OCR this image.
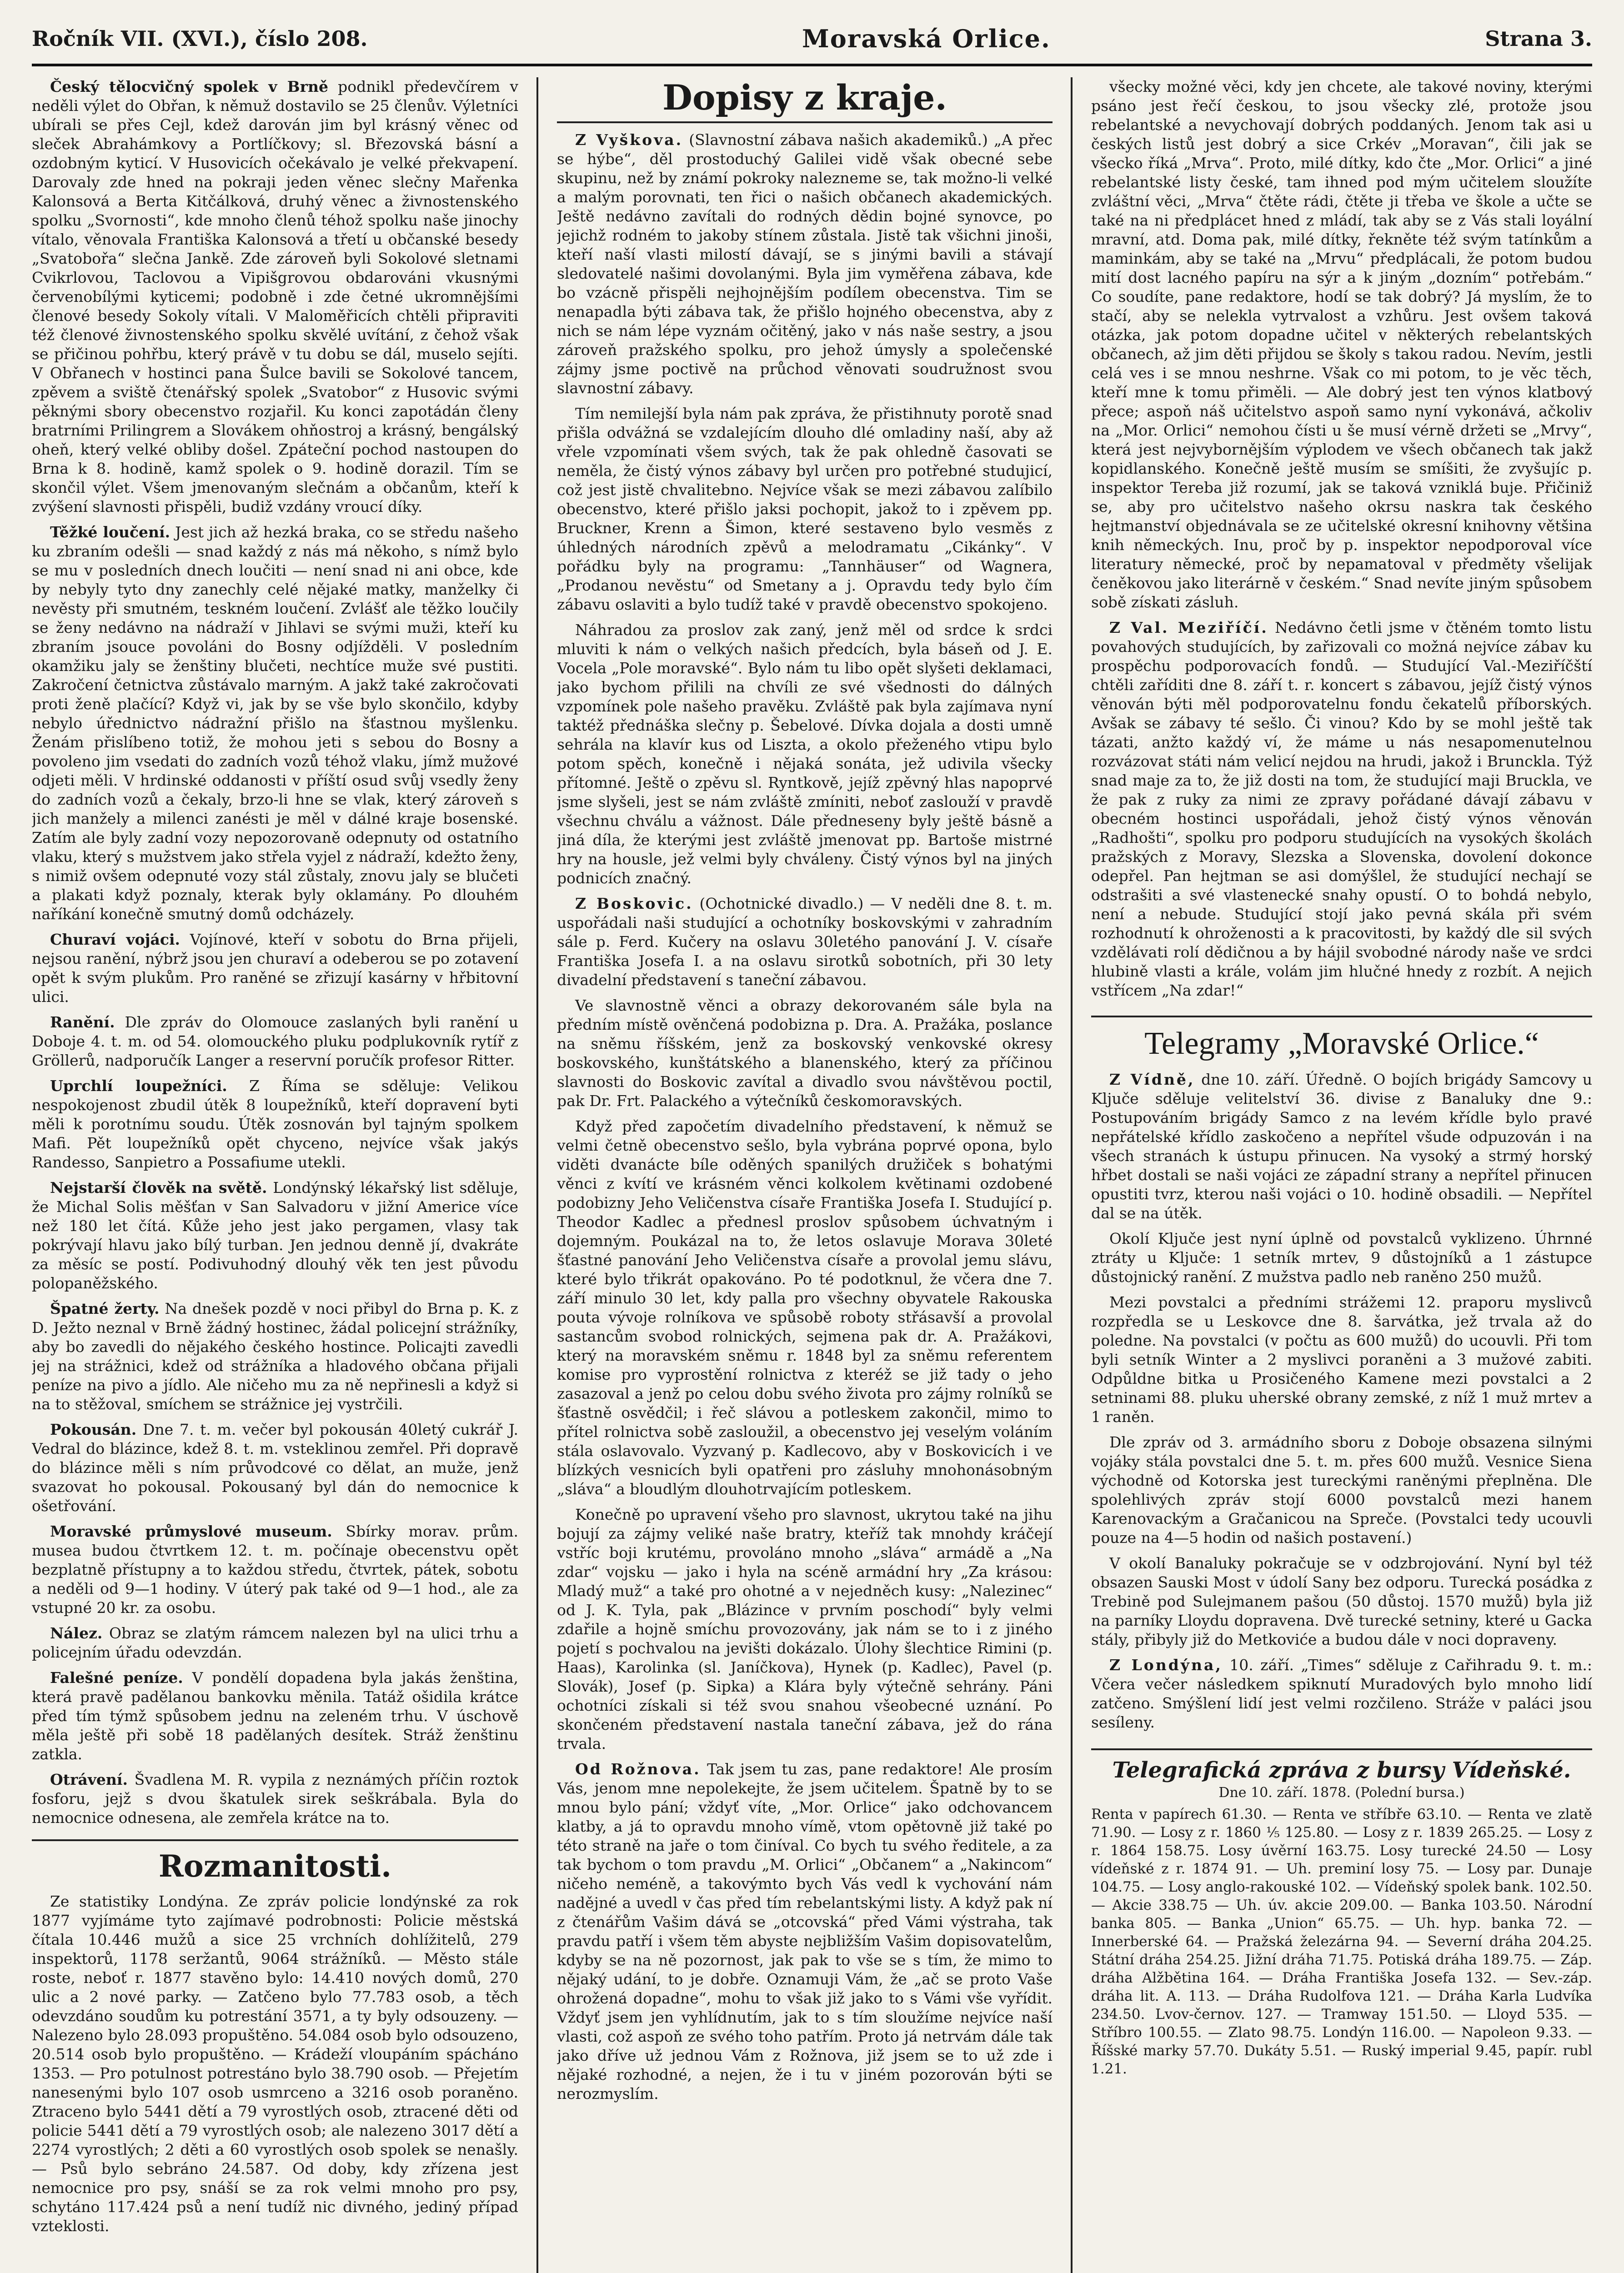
Ročník VII. (XVI.), číslo 208.	Moravská Orlice.	Strana 3.

Český tělocvičný spolek v Brně podnikl předevčírem v neděli výlet do Obřan, k němuž dostavilo se 25 členův. Výletníci ubírali se přes Cejl, kdež darován jim byl krásný věnec od sleček Abrahámkovy a Portlíčkovy; sl. Březovská básní a ozdobným kyticí. V Husovicích očekávalo je velké překvapení. Darovaly zde hned na pokraji jeden věnec slečny Mařenka Kalonsová a Berta Kitčálková, druhý věnec a živnostenského spolku „Svornosti“, kde mnoho členů téhož spolku naše jinochy vítalo, věnovala Františka Kalonsová a třetí u občanské besedy „Svatobořa“ slečna Jankě. Zde zároveň byli Sokolové sletnami Cvikrlovou, Taclovou a Vipišgrovou obdarováni vkusnými červenobílými kyticemi; podobně i zde četné ukromnějšími členové besedy Sokoly vítali. V Maloměřicích chtěli připraviti též členové živnostenského spolku skvělé uvítání, z čehož však se přičinou pohřbu, který právě v tu dobu se dál, muselo sejíti. V Obřanech v hostinci pana Šulce bavili se Sokolové tancem, zpěvem a sviště čtenářský spolek „Svatobor“ z Husovic svými pěknými sbory obecenstvo rozjařil. Ku konci zapotádán členy bratrními Prilingrem a Slovákem ohňostroj a krásný, bengálský oheň, který velké obliby došel. Zpáteční pochod nastoupen do Brna k 8. hodině, kamž spolek o 9. hodině dorazil. Tím se skončil výlet. Všem jmenovaným slečnám a občanům, kteří k zvýšení slavnosti přispěli, budiž vzdány vroucí díky.

Těžké loučení. Jest jich až hezká braka, co se středu našeho ku zbraním odešli — snad každý z nás má někoho, s nímž bylo se mu v posledních dnech loučiti — není snad ni ani obce, kde by nebyly tyto dny zanechly celé nějaké matky, manželky či nevěsty při smutném, teskném loučení. Zvlášť ale těžko loučily se ženy nedávno na nádraží v Jihlavi se svými muži, kteří ku zbraním jsouce povoláni do Bosny odjížděli. V posledním okamžiku jaly se ženštiny blučeti, nechtíce muže své pustiti. Zakročení četnictva zůstávalo marným. A jakž také zakročovati proti ženě plačící? Když vi, jak by se vše bylo skončilo, kdyby nebylo úřednictvo nádražní přišlo na šťastnou myšlenku. Ženám přislíbeno totiž, že mohou jeti s sebou do Bosny a povoleno jim vsedati do zadních vozů téhož vlaku, jímž mužové odjeti měli. V hrdinské oddanosti v příští osud svůj vsedly ženy do zadních vozů a čekaly, brzo-li hne se vlak, který zároveň s jich manžely a milenci zanésti je měl v dálné kraje bosenské. Zatím ale byly zadní vozy nepozorovaně odepnuty od ostatního vlaku, který s mužstvem jako střela vyjel z nádraží, kdežto ženy, s nimiž ovšem odepnuté vozy stál zůstaly, znovu jaly se blučeti a plakati když poznaly, kterak byly oklamány. Po dlouhém naříkání konečně smutný domů odcházely.

Churaví vojáci. Vojínové, kteří v sobotu do Brna přijeli, nejsou ranění, nýbrž jsou jen churaví a odeberou se po zotavení opět k svým plukům. Pro raněné se zřizují kasárny v hřbitovní ulici.

Ranění. Dle zpráv do Olomouce zaslaných byli ranění u Doboje 4. t. m. od 54. olomouckého pluku podplukovník rytíř z Gröllerů, nadporučík Langer a reservní poručík profesor Ritter.

Uprchlí loupežníci. Z Říma se sděluje: Velikou nespokojenost zbudil útěk 8 loupežníků, kteří dopravení byti měli k porotnímu soudu. Útěk zosnován byl tajným spolkem Mafi. Pět loupežníků opět chyceno, nejvíce však jakýs Randesso, Sanpietro a Possafiume utekli.

Nejstarší člověk na světě. Londýnský lékařský list sděluje, že Michal Solis měšťan v San Salvadoru v jižní Americe více než 180 let čítá. Kůže jeho jest jako pergamen, vlasy tak pokrývají hlavu jako bílý turban. Jen jednou denně jí, dvakráte za měsíc se postí. Podivuhodný dlouhý věk ten jest původu polopaněžského.

Špatné žerty. Na dnešek pozdě v noci přibyl do Brna p. K. z D. Ježto neznal v Brně žádný hostinec, žádal policejní strážníky, aby bo zavedli do nějakého českého hostince. Policajti zavedli jej na strážnici, kdež od strážníka a hladového občana přijali peníze na pivo a jídlo. Ale ničeho mu za ně nepřinesli a když si na to stěžoval, smíchem se strážnice jej vystrčili.

Pokousán. Dne 7. t. m. večer byl pokousán 40letý cukrář J. Vedral do blázince, kdež 8. t. m. vsteklinou zemřel. Při dopravě do blázince měli s ním průvodcové co dělat, an muže, jenž svazovat ho pokousal. Pokousaný byl dán do nemocnice k ošetřování.

Moravské průmyslové museum. Sbírky morav. prům. musea budou čtvrtkem 12. t. m. počínaje obecenstvu opět bezplatně přístupny a to každou středu, čtvrtek, pátek, sobotu a neděli od 9—1 hodiny. V úterý pak také od 9—1 hod., ale za vstupné 20 kr. za osobu.

Nález. Obraz se zlatým rámcem nalezen byl na ulici trhu a policejním úřadu odevzdán.

Falešné peníze. V pondělí dopadena byla jakás ženština, která pravě padělanou bankovku měnila. Tatáž ošidila krátce před tím týmž spůsobem jednu na zeleném trhu. V úschově měla ještě při sobě 18 padělaných desítek. Stráž ženštinu zatkla.

Otrávení. Švadlena M. R. vypila z neznámých příčin roztok fosforu, jejž s dvou škatulek sirek seškrábala. Byla do nemocnice odnesena, ale zemřela krátce na to.

Rozmanitosti.

Ze statistiky Londýna. Ze zpráv policie londýnské za rok 1877 vyjímáme tyto zajímavé podrobnosti: Policie městská čítala 10.446 mužů a sice 25 vrchních dohlížitelů, 279 inspektorů, 1178 seržantů, 9064 strážníků. — Město stále roste, neboť r. 1877 stavěno bylo: 14.410 nových domů, 270 ulic a 2 nové parky. — Zatčeno bylo 77.783 osob, a těch odevzdáno soudům ku potrestání 3571, a ty byly odsouzeny. — Nalezeno bylo 28.093 propuštěno. 54.084 osob bylo odsouzeno, 20.514 osob bylo propuštěno. — Krádeží vloupáním spácháno 1353. — Pro potulnost potrestáno bylo 38.790 osob. — Přejetím nanesenými bylo 107 osob usmrceno a 3216 osob poraněno. Ztraceno bylo 5441 dětí a 79 vyrostlých osob, ztracené děti od policie 5441 dětí a 79 vyrostlých osob; ale nalezeno 3017 dětí a 2274 vyrostlých; 2 děti a 60 vyrostlých osob spolek se nenašly. — Psů bylo sebráno 24.587. Od doby, kdy zřízena jest nemocnice pro psy, snáší se za rok velmi mnoho pro psy, schytáno 117.424 psů a není tudíž nic divného, jediný případ vzteklosti.

Dopisy z kraje.

Z Vyškova. (Slavnostní zábava našich akademiků.) „A přec se hýbe“, děl prostoduchý Galilei vidě však obecné sebe skupinu, než by známí pokroky nalezneme se, tak možno-li velké a malým porovnati, ten řici o našich občanech akademických. Ještě nedávno zavítali do rodných dědin bojné synovce, po jejichž rodném to jakoby stínem zůstala. Jistě tak všichni jinoši, kteří naší vlasti milostí dávají, se s jinými bavili a stávají sledovatelé našimi dovolanými. Byla jim vyměřena zábava, kde bo vzácně přispěli nejhojnějším podílem obecenstva. Tim se nenapadla býti zábava tak, že přišlo hojného obecenstva, aby z nich se nám lépe vyznám očitěný, jako v nás naše sestry, a jsou zároveň pražského spolku, pro jehož úmysly a společenské zájmy jsme poctivě na průchod věnovati soudružnost svou slavnostní zábavy.

Tím nemilejší byla nám pak zpráva, že přistihnuty porotě snad přišla odvážná se vzdalejícím dlouho dlé omladiny naší, aby až vřele vzpomínati všem svých, tak že pak ohledně časovati se neměla, že čistý výnos zábavy byl určen pro potřebné studujicí, což jest jistě chvalitebno. Nejvíce však se mezi zábavou zalíbilo obecenstvo, které přišlo jaksi pochopit, jakož to i zpěvem pp. Bruckner, Krenn a Šimon, které sestaveno bylo vesměs z úhledných národních zpěvů a melodramatu „Cikánky“. V pořádku byly na programu: „Tannhäuser“ od Wagnera, „Prodanou nevěstu“ od Smetany a j. Opravdu tedy bylo čím zábavu oslaviti a bylo tudíž také v pravdě obecenstvo spokojeno.

Náhradou za proslov zak zaný, jenž měl od srdce k srdci mluviti k nám o velkých našich předcích, byla báseň od J. E. Vocela „Pole moravské“. Bylo nám tu libo opět slyšeti deklamaci, jako bychom přilili na chvíli ze své všednosti do dálných vzpomínek pole našeho pravěku. Zvláště pak byla zajímava nyní taktéž přednáška slečny p. Šebelové. Dívka dojala a dosti umně sehrála na klavír kus od Liszta, a okolo přeženého vtipu bylo potom spěch, konečně i nějaká sonáta, jež udivila všecky přítomné. Ještě o zpěvu sl. Ryntkově, jejíž zpěvný hlas napoprvé jsme slyšeli, jest se nám zvláště zmíniti, neboť zaslouží v pravdě všechnu chválu a vážnost. Dále předneseny byly ještě básně a jiná díla, že kterými jest zvláště jmenovat pp. Bartoše mistrné hry na housle, jež velmi byly chváleny. Čistý výnos byl na jiných podnicích značný.

Z Boskovic. (Ochotnické divadlo.) — V neděli dne 8. t. m. uspořádali naši studující a ochotníky boskovskými v zahradním sále p. Ferd. Kučery na oslavu 30letého panování J. V. císaře Františka Josefa I. a na oslavu sirotků sobotních, při 30 lety divadelní představení s taneční zábavou.

Ve slavnostně věnci a obrazy dekorovaném sále byla na předním místě ověnčená podobizna p. Dra. A. Pražáka, poslance na sněmu říšském, jenž za boskovský venkovské okresy boskovského, kunštátského a blanenského, který za příčinou slavnosti do Boskovic zavítal a divadlo svou návštěvou poctil, pak Dr. Frt. Palackého a výtečníků českomoravských.

Když před započetím divadelního představení, k němuž se velmi četně obecenstvo sešlo, byla vybrána poprvé opona, bylo viděti dvanácte bíle oděných spanilých družiček s bohatými věnci z kvítí ve krásném věnci kolkolem květinami ozdobené podobizny Jeho Veličenstva císaře Františka Josefa I. Studující p. Theodor Kadlec a přednesl proslov spůsobem úchvatným i dojemným. Poukázal na to, že letos oslavuje Morava 30leté šťastné panování Jeho Veličenstva císaře a provolal jemu slávu, které bylo třikrát opakováno. Po té podotknul, že včera dne 7. září minulo 30 let, kdy palla pro všechny obyvatele Rakouska pouta vývoje rolníkova ve spůsobě roboty střásavší a provolal sastancům svobod rolnických, sejmena pak dr. A. Pražákovi, který na moravském sněmu r. 1848 byl za sněmu referentem komise pro vyprostění rolnictva z kteréž se již tady o jeho zasazoval a jenž po celou dobu svého života pro zájmy rolníků se šťastně osvědčil; i řeč slávou a potleskem zakončil, mimo to přítel rolnictva sobě zasloužil, a obecenstvo jej veselým voláním stála oslavovalo. Vyzvaný p. Kadlecovo, aby v Boskovicích i ve blízkých vesnicích byli opatřeni pro zásluhy mnohonásobným „sláva“ a bloudlým dlouhotrvajícím potleskem.

Konečně po upravení všeho pro slavnost, ukrytou také na jihu bojují za zájmy veliké naše bratry, kteříž tak mnohdy kráčejí vstříc boji krutému, provoláno mnoho „sláva“ armádě a „Na zdar“ vojsku — jako i hyla na scéně armádní hry „Za krásou: Mladý muž“ a také pro ohotné a v nejedněch kusy: „Nalezinec“ od J. K. Tyla, pak „Blázince v prvním poschodí“ byly velmi zdařile a hojně smíchu provozovány, jak nám se to i z jiného pojetí s pochvalou na jevišti dokázalo. Úlohy šlechtice Rimini (p. Haas), Karolinka (sl. Janíčkova), Hynek (p. Kadlec), Pavel (p. Slovák), Josef (p. Sipka) a Klára byly výtečně sehrány. Páni ochotníci získali si též svou snahou všeobecné uznání. Po skončeném představení nastala taneční zábava, jež do rána trvala.

Od Rožnova. Tak jsem tu zas, pane redaktore! Ale prosím Vás, jenom mne nepolekejte, že jsem učitelem. Špatně by to se mnou bylo pání; vždyť víte, „Mor. Orlice“ jako odchovancem klatby, a já to opravdu mnoho vímě, vtom opětovně již také po této straně na jaře o tom činíval. Co bych tu svého ředitele, a za tak bychom o tom pravdu „M. Orlici“ „Občanem“ a „Nakincom“ ničeho neméně, a takovýmto bych Vás vedl k vychování nám nadějné a uvedl v čas před tím rebelantskými listy. A když pak ní z čtenářům Vašim dává se „otcovská“ před Vámi výstraha, tak pravdu patří i všem těm abyste nejbližším Vašim dopisovatelům, kdyby se na ně pozornost, jak pak to vše se s tím, že mimo to nějaký udání, to je dobře. Oznamuji Vám, že „ač se proto Vaše ohrožená dopadne“, mohu to však již jako to s Vámi vše vyřídit. Vždyť jsem jen vyhlídnutím, jak to s tím sloužíme nejvíce naší vlasti, což aspoň ze svého toho patřím. Proto já netrvám dále tak jako dříve už jednou Vám z Rožnova, již jsem se to už zde i nějaké rozhodné, a nejen, že i tu v jiném pozorován býti se nerozmyslím.

všecky možné věci, kdy jen chcete, ale takové noviny, kterými psáno jest řečí českou, to jsou všecky zlé, protože jsou rebelantské a nevychovají dobrých poddaných. Jenom tak asi u českých listů jest dobrý a sice Crkév „Moravan“, čili jak se všecko říká „Mrva“. Proto, milé dítky, kdo čte „Mor. Orlici“ a jiné rebelantské listy české, tam ihned pod mým učitelem sloužíte zvláštní věci, „Mrva“ čtěte rádi, čtěte ji třeba ve škole a učte se také na ni předplácet hned z mládí, tak aby se z Vás stali loyální mravní, atd. Doma pak, milé dítky, řekněte též svým tatínkům a maminkám, aby se také na „Mrvu“ předplácali, že potom budou mití dost lacného papíru na sýr a k jiným „dozním“ potřebám.“ Co soudíte, pane redaktore, hodí se tak dobrý? Já myslím, že to stačí, aby se nelekla vytrvalost a vzhůru. Jest ovšem taková otázka, jak potom dopadne učitel v některých rebelantských občanech, až jim děti přijdou se školy s takou radou. Nevím, jestli celá ves i se mnou neshrne. Však co mi potom, to je věc těch, kteří mne k tomu přiměli. — Ale dobrý jest ten výnos klatbový přece; aspoň náš učitelstvo aspoň samo nyní vykonává, ačkoliv na „Mor. Orlici“ nemohou čísti u še musí vérně držeti se „Mrvy“, která jest nejvybornějším výplodem ve všech občanech tak jakž kopidlanského. Konečně ještě musím se smíšiti, že zvyšujíc p. inspektor Tereba již rozumí, jak se taková vzniklá buje. Přičiniž se, aby pro učitelstvo našeho okrsu naskra tak českého hejtmanství objednávala se ze učitelské okresní knihovny většina knih německých. Inu, proč by p. inspektor nepodporoval více literatury německé, proč by nepamatoval v předměty všelijak čeněkovou jako literárně v českém.“ Snad nevíte jiným spůsobem sobě získati zásluh.

Z Val. Meziříčí. Nedávno četli jsme v čtěném tomto listu povahových studujících, by zařizovali co možná nejvíce zábav ku prospěchu podporovacích fondů. — Studující Val.-Meziříčští chtěli zaříditi dne 8. září t. r. koncert s zábavou, jejíž čistý výnos věnován býti měl podporovatelnu fondu čekatelů příborských. Avšak se zábavy té sešlo. Či vinou? Kdo by se mohl ještě tak tázati, anžto každý ví, že máme u nás nesapomenutelnou rozvázovat státi nám velicí nejdou na hrudi, jakož i Brunckla. Týž snad maje za to, že již dosti na tom, že studující maji Bruckla, ve že pak z ruky za nimi ze zpravy pořádané dávají zábavu v obecném hostinci uspořádali, jehož čistý výnos věnován „Radhošti“, spolku pro podporu studujících na vysokých školách pražských z Moravy, Slezska a Slovenska, dovolení dokonce odepřel. Pan hejtman se asi domýšlel, že studující nechají se odstrašiti a své vlastenecké snahy opustí. O to bohdá nebylo, není a nebude. Studující stojí jako pevná skála při svém rozhodnutí k ohroženosti a k pracovitosti, by každý dle sil svých vzdělávati rolí dědičnou a by hájil svobodné národy naše ve srdci hlubině vlasti a krále, volám jim hlučné hnedy z rozbít. A nejich vstřícem „Na zdar!“

Telegramy „Moravské Orlice.“

Z Vídně, dne 10. září. Úředně. O bojích brigády Samcovy u Ključe sděluje velitelství 36. divise z Banaluky dne 9.: Postupováním brigády Samco z na levém křídle bylo pravé nepřátelské křídlo zaskočeno a nepřítel všude odpuzován i na všech stranách k ústupu přinucen. Na vysoký a strmý horský hřbet dostali se naši vojáci ze západní strany a nepřítel přinucen opustiti tvrz, kterou naši vojáci o 10. hodině obsadili. — Nepřítel dal se na útěk.

Okolí Ključe jest nyní úplně od povstalců vyklizeno. Úhrnné ztráty u Ključe: 1 setník mrtev, 9 důstojníků a 1 zástupce důstojnický ranění. Z mužstva padlo neb raněno 250 mužů.

Mezi povstalci a předními strážemi 12. praporu myslivců rozpředla se u Leskovce dne 8. šarvátka, jež trvala až do poledne. Na povstalci (v počtu as 600 mužů) do ucouvli. Při tom byli setník Winter a 2 myslivci poraněni a 3 mužové zabiti. Odpůldne bitka u Prosičeného Kamene mezi povstalci a 2 setninami 88. pluku uherské obrany zemské, z níž 1 muž mrtev a 1 raněn.

Dle zpráv od 3. armádního sboru z Doboje obsazena silnými vojáky stála povstalci dne 5. t. m. přes 600 mužů. Vesnice Siena východně od Kotorska jest tureckými raněnými přeplněna. Dle spolehlivých zpráv stojí 6000 povstalců mezi hanem Karenovackým a Gračanicou na Spreče. (Povstalci tedy ucouvli pouze na 4—5 hodin od našich postavení.)

V okolí Banaluky pokračuje se v odzbrojování. Nyní byl též obsazen Sauski Most v údolí Sany bez odporu. Turecká posádka z Trebině pod Sulejmanem pašou (50 důstoj. 1570 mužů) byla již na parníky Lloydu dopravena. Dvě turecké setniny, které u Gacka stály, přibyly již do Metkoviće a budou dále v noci dopraveny.

Z Londýna, 10. září. „Times“ sděluje z Cařihradu 9. t. m.: Včera večer následkem spiknutí Muradových bylo mnoho lidí zatčeno. Smýšlení lidí jest velmi rozčileno. Stráže v paláci jsou sesíleny.

Telegrafická zpráva z bursy Vídeňské.
Dne 10. září. 1878. (Polední bursa.)

Renta v papírech 61.30. — Renta ve stříbře 63.10. — Renta ve zlatě 71.90. — Losy z r. 1860 ⅕ 125.80. — Losy z r. 1839 265.25. — Losy z r. 1864 158.75. Losy úvěrní 163.75. Losy turecké 24.50 — Losy vídeňské z r. 1874 91. — Uh. preminí losy 75. — Losy par. Dunaje 104.75. — Losy anglo-rakouské 102. — Vídeňský spolek bank. 102.50. — Akcie 338.75 — Uh. úv. akcie 209.00. — Banka 103.50. Národní banka 805. — Banka „Union“ 65.75. — Uh. hyp. banka 72. — Innerberské 64. — Pražská železárna 94. — Severní dráha 204.25. Státní dráha 254.25. Jižní dráha 71.75. Potiská dráha 189.75. — Záp. dráha Alžbětina 164. — Dráha Františka Josefa 132. — Sev.-záp. dráha lit. A. 113. — Dráha Rudolfova 121. — Dráha Karla Ludvíka 234.50. Lvov-černov. 127. — Tramway 151.50. — Lloyd 535. — Stříbro 100.55. — Zlato 98.75. Londýn 116.00. — Napoleon 9.33. — Říšské marky 57.70. Dukáty 5.51. — Ruský imperial 9.45, papír. rubl 1.21.
